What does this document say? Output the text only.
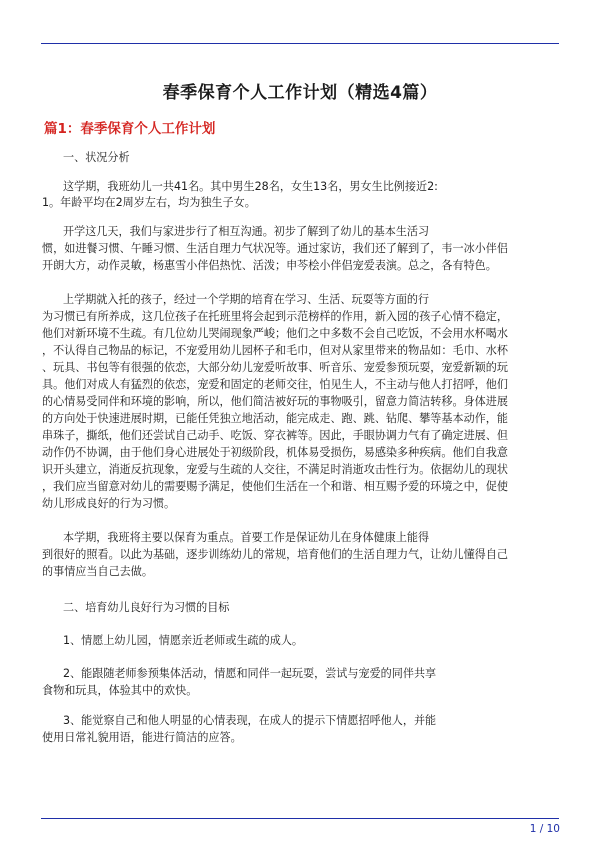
春季保育个人工作计划（精选4篇）
篇1：春季保育个人工作计划
一、状况分析
这学期，我班幼儿一共41名。其中男生28名，女生13名，男女生比例接近2:
1。年龄平均在2周岁左右，均为独生子女。
开学这几天，我们与家进步行了相互沟通。初步了解到了幼儿的基本生活习
惯，如进餐习惯、午睡习惯、生活自理力气状况等。通过家访，我们还了解到了，韦一冰小伴侣
开朗大方，动作灵敏，杨惠雪小伴侣热忱、活泼；申芩桧小伴侣宠爱表演。总之，各有特色。
上学期就入托的孩子，经过一个学期的培育在学习、生活、玩耍等方面的行
为习惯已有所养成，这几位孩子在托班里将会起到示范榜样的作用，新入园的孩子心情不稳定，
他们对新环境不生疏。有几位幼儿哭闹现象严峻；他们之中多数不会自己吃饭，不会用水杯喝水
，不认得自己物品的标记，不宠爱用幼儿园杯子和毛巾，但对从家里带来的物品如：毛巾、水杯
、玩具、书包等有很强的依恋，大部分幼儿宠爱听故事、听音乐、宠爱参预玩耍，宠爱新颖的玩
具。他们对成人有猛烈的依恋，宠爱和固定的老师交往，怕见生人，不主动与他人打招呼，他们
的心情易受同伴和环境的影响，所以，他们简洁被好玩的事物吸引，留意力简洁转移。身体进展
的方向处于快速进展时期，已能任凭独立地活动，能完成走、跑、跳、钻爬、攀等基本动作，能
串珠子，撕纸，他们还尝试自己动手、吃饭、穿衣裤等。因此，手眼协调力气有了确定进展、但
动作仍不协调，由于他们身心进展处于初级阶段，机体易受损伤，易感染多种疾病。他们自我意
识开头建立，消逝反抗现象，宠爱与生疏的人交往，不满足时消逝攻击性行为。依据幼儿的现状
，我们应当留意对幼儿的需要赐予满足，使他们生活在一个和谐、相互赐予爱的环境之中，促使
幼儿形成良好的行为习惯。
本学期，我班将主要以保育为重点。首要工作是保证幼儿在身体健康上能得
到很好的照看。以此为基础，逐步训练幼儿的常规，培育他们的生活自理力气，让幼儿懂得自己
的事情应当自己去做。
二、培育幼儿良好行为习惯的目标
1、情愿上幼儿园，情愿亲近老师或生疏的成人。
2、能跟随老师参预集体活动，情愿和同伴一起玩耍，尝试与宠爱的同伴共享
食物和玩具，体验其中的欢快。
3、能觉察自己和他人明显的心情表现，在成人的提示下情愿招呼他人，并能
使用日常礼貌用语，能进行简洁的应答。
1 / 10
